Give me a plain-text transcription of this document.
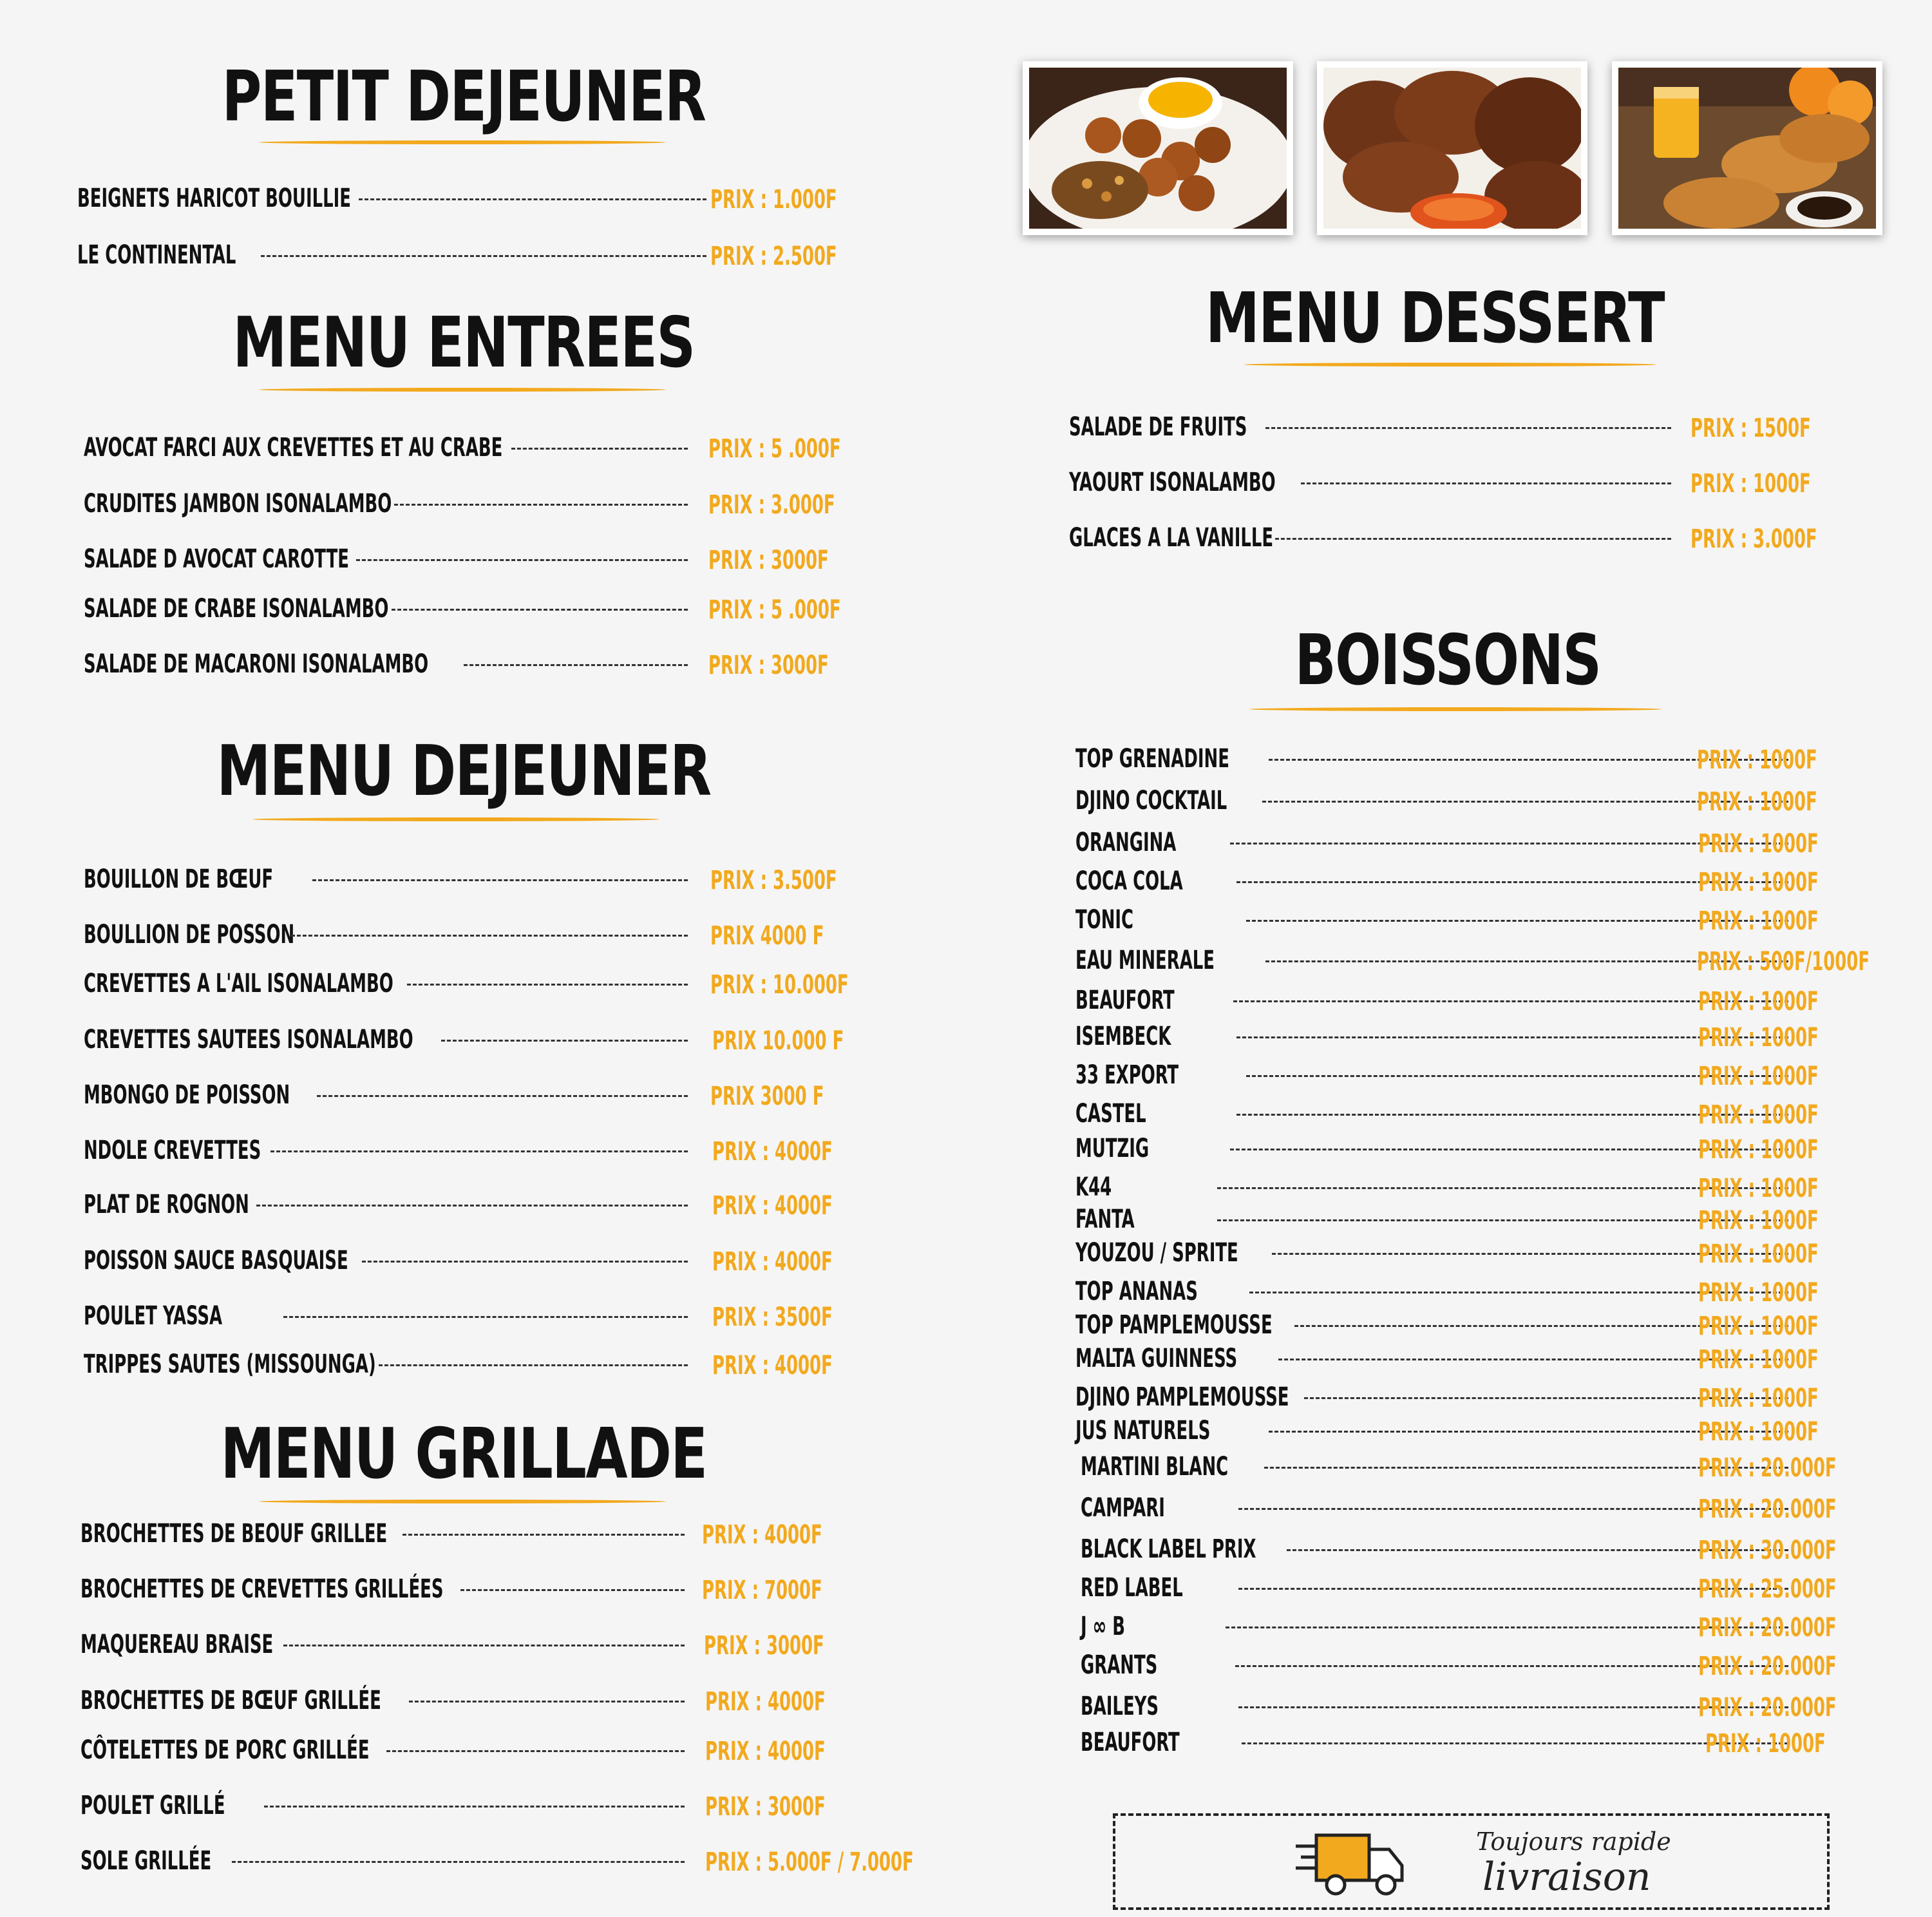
PETIT DEJEUNER
BEIGNETS HARICOT BOUILLIE	PRIX : 1.000F
LE CONTINENTAL	PRIX : 2.500F
MENU ENTREES
AVOCAT FARCI AUX CREVETTES ET AU CRABE	PRIX : 5 .000F
CRUDITES JAMBON ISONALAMBO	PRIX : 3.000F
SALADE D AVOCAT CAROTTE	PRIX : 3000F
SALADE DE CRABE ISONALAMBO	PRIX : 5 .000F
SALADE DE MACARONI ISONALAMBO	PRIX : 3000F
MENU DEJEUNER
BOUILLON DE BŒUF	PRIX : 3.500F
BOULLION DE POSSON	PRIX 4000 F
CREVETTES A L'AIL ISONALAMBO	PRIX : 10.000F
CREVETTES SAUTEES ISONALAMBO	PRIX 10.000 F
MBONGO DE POISSON	PRIX 3000 F
NDOLE CREVETTES	PRIX : 4000F
PLAT DE ROGNON	PRIX : 4000F
POISSON SAUCE BASQUAISE	PRIX : 4000F
POULET YASSA	PRIX : 3500F
TRIPPES SAUTES (MISSOUNGA)	PRIX : 4000F
MENU GRILLADE
BROCHETTES DE BEOUF GRILLEE	PRIX : 4000F
BROCHETTES DE CREVETTES GRILLÉES	PRIX : 7000F
MAQUEREAU BRAISE	PRIX : 3000F
BROCHETTES DE BŒUF GRILLÉE	PRIX : 4000F
CÔTELETTES DE PORC GRILLÉE	PRIX : 4000F
POULET GRILLÉ	PRIX : 3000F
SOLE GRILLÉE	PRIX : 5.000F / 7.000F
MENU DESSERT
SALADE DE FRUITS	PRIX : 1500F
YAOURT ISONALAMBO	PRIX : 1000F
GLACES A LA VANILLE	PRIX : 3.000F
BOISSONS
TOP GRENADINE	PRIX : 1000F
DJINO COCKTAIL	PRIX : 1000F
ORANGINA	PRIX : 1000F
COCA COLA	PRIX : 1000F
TONIC	PRIX : 1000F
EAU MINERALE	PRIX : 500F/1000F
BEAUFORT	PRIX : 1000F
ISEMBECK	PRIX : 1000F
33 EXPORT	PRIX : 1000F
CASTEL	PRIX : 1000F
MUTZIG	PRIX : 1000F
K44	PRIX : 1000F
FANTA	PRIX : 1000F
YOUZOU / SPRITE	PRIX : 1000F
TOP ANANAS	PRIX : 1000F
TOP PAMPLEMOUSSE	PRIX : 1000F
MALTA GUINNESS	PRIX : 1000F
DJINO PAMPLEMOUSSE	PRIX : 1000F
JUS NATURELS	PRIX : 1000F
MARTINI BLANC	PRIX : 20.000F
CAMPARI	PRIX : 20.000F
BLACK LABEL PRIX	PRIX : 30.000F
RED LABEL	PRIX : 25.000F
J ∞ B	PRIX : 20.000F
GRANTS	PRIX : 20.000F
BAILEYS	PRIX : 20.000F
BEAUFORT	PRIX : 1000F
Toujours rapide
livraison
